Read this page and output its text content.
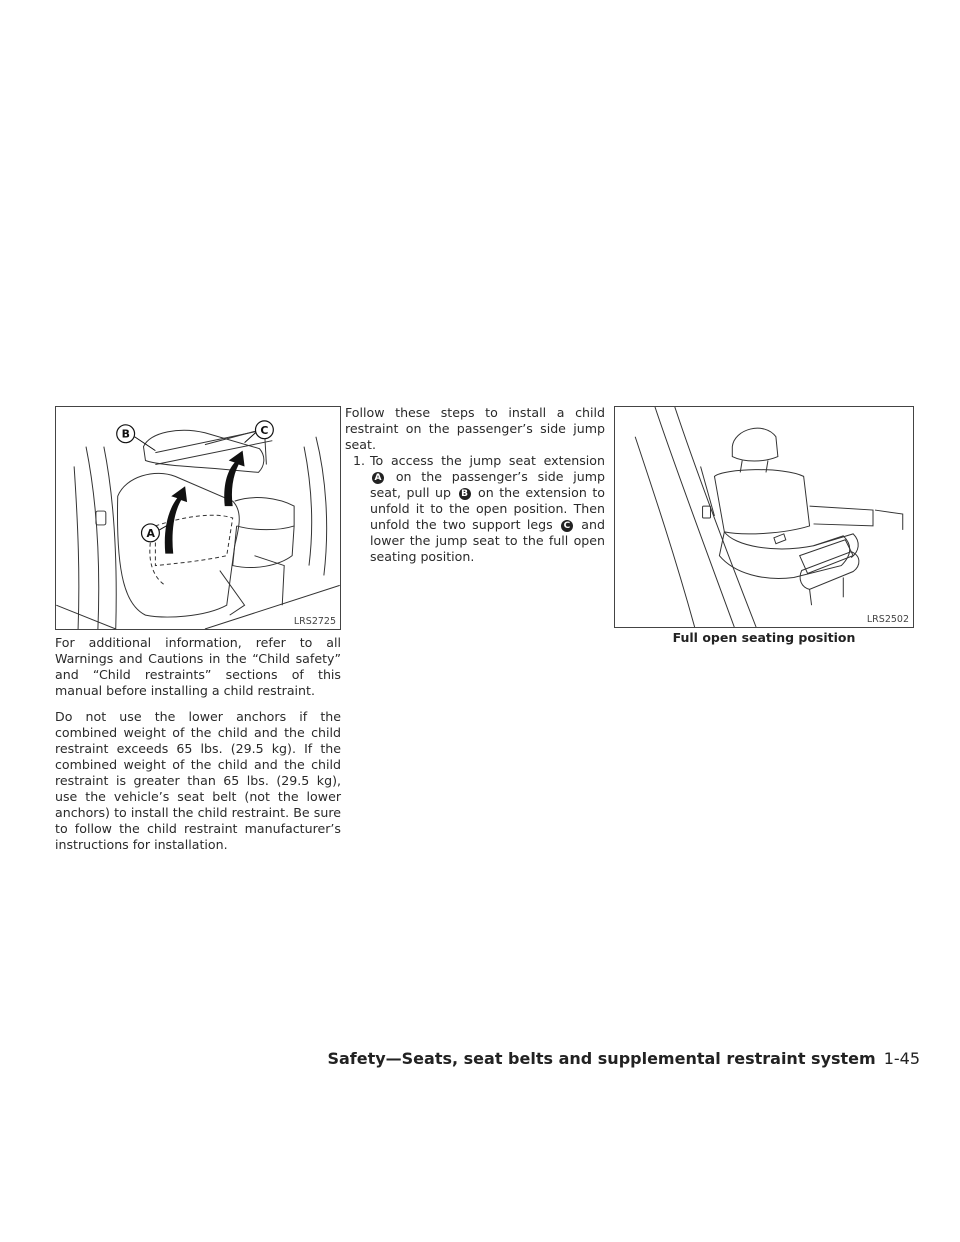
B	C
A
LRS2725

For additional information, refer to all Warnings and Cautions in the “Child safety” and “Child restraints” sections of this manual before installing a child restraint.

Do not use the lower anchors if the combined weight of the child and the child restraint exceeds 65 lbs. (29.5 kg). If the combined weight of the child and the child restraint is greater than 65 lbs. (29.5 kg), use the vehicle’s seat belt (not the lower anchors) to install the child restraint. Be sure to follow the child restraint manufacturer’s instructions for installation.

Follow these steps to install a child restraint on the passenger’s side jump seat.

1. To access the jump seat extension A on the passenger’s side jump seat, pull up B on the extension to unfold it to the open position. Then unfold the two support legs C and lower the jump seat to the full open seating position.
LRS2502
Full open seating position
Safety—Seats, seat belts and supplemental restraint system 1-45
